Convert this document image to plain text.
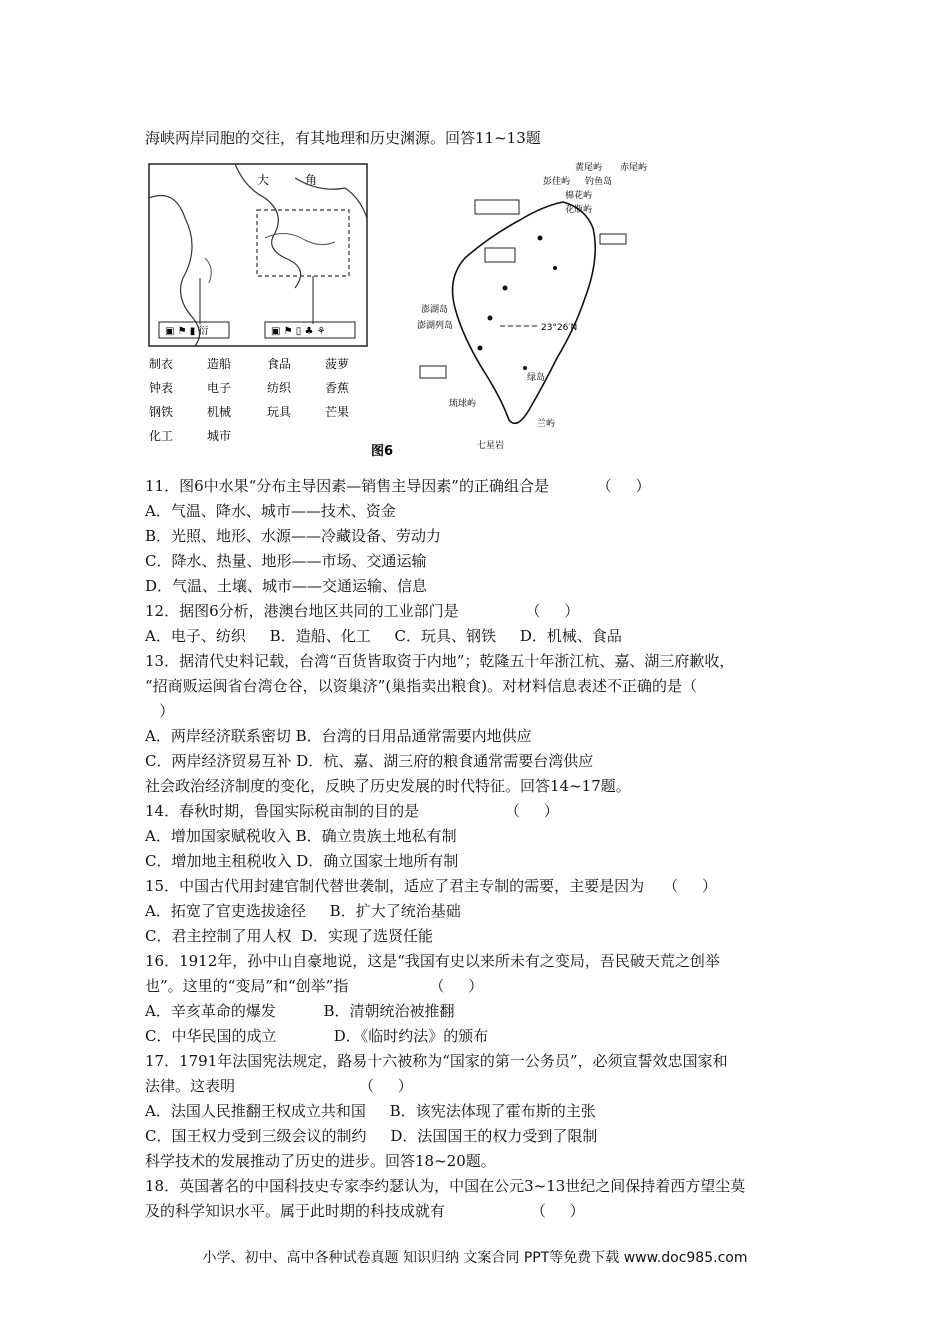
海峡两岸同胞的交往，有其地理和历史渊源。回答11~13题
大	角
▣ ⚑ ▮ 衍	▣ ⚑ ▯ ♣ ⚘
制衣	造船	食品	菠萝
钟表	电子	纺织	香蕉
钢铁	机械	玩具	芒果
化工	城市
23°26′N
黄尾屿 赤尾屿
彭佳屿 钓鱼岛
棉花屿
花瓶屿
澎湖列岛
澎湖岛
绿岛
琉球屿
兰屿
七星岩
图6
11．图6中水果“分布主导因素—销售主导因素”的正确组合是          （     ）
A．气温、降水、城市——技术、资金
B．光照、地形、水源——冷藏设备、劳动力
C．降水、热量、地形——市场、交通运输
D．气温、土壤、城市——交通运输、信息
12．据图6分析，港澳台地区共同的工业部门是              （     ）
A．电子、纺织     B．造船、化工     C．玩具、钢铁     D．机械、食品
13．据清代史料记载，台湾“百货皆取资于内地”；乾隆五十年浙江杭、嘉、湖三府歉收，
“招商贩运闽省台湾仓谷，以资巢济”(巢指卖出粮食)。对材料信息表述不正确的是（
）
A．两岸经济联系密切 B．台湾的日用品通常需要内地供应
C．两岸经济贸易互补 D．杭、嘉、湖三府的粮食通常需要台湾供应
社会政治经济制度的变化，反映了历史发展的时代特征。回答14~17题。
14．春秋时期，鲁国实际税亩制的目的是                  （     ）
A．增加国家赋税收入 B．确立贵族土地私有制
C．增加地主租税收入 D．确立国家土地所有制
15．中国古代用封建官制代替世袭制，适应了君主专制的需要，主要是因为    （     ）
A．拓宽了官吏选拔途径     B．扩大了统治基础
C．君主控制了用人权  D．实现了选贤任能
16．1912年，孙中山自豪地说，这是“我国有史以来所未有之变局，吾民破天荒之创举
也”。这里的“变局”和“创举”指                 （     ）
A．辛亥革命的爆发          B．清朝统治被推翻
C．中华民国的成立            D．《临时约法》的颁布
17．1791年法国宪法规定，路易十六被称为“国家的第一公务员”，必须宣誓效忠国家和
法律。这表明                          （     ）
A．法国人民推翻王权成立共和国     B．该宪法体现了霍布斯的主张
C．国王权力受到三级会议的制约     D．法国国王的权力受到了限制
科学技术的发展推动了历史的进步。回答18~20题。
18．英国著名的中国科技史专家李约瑟认为，中国在公元3~13世纪之间保持着西方望尘莫
及的科学知识水平。属于此时期的科技成就有                  （     ）
小学、初中、高中各种试卷真题 知识归纳 文案合同 PPT等免费下载 www.doc985.com
